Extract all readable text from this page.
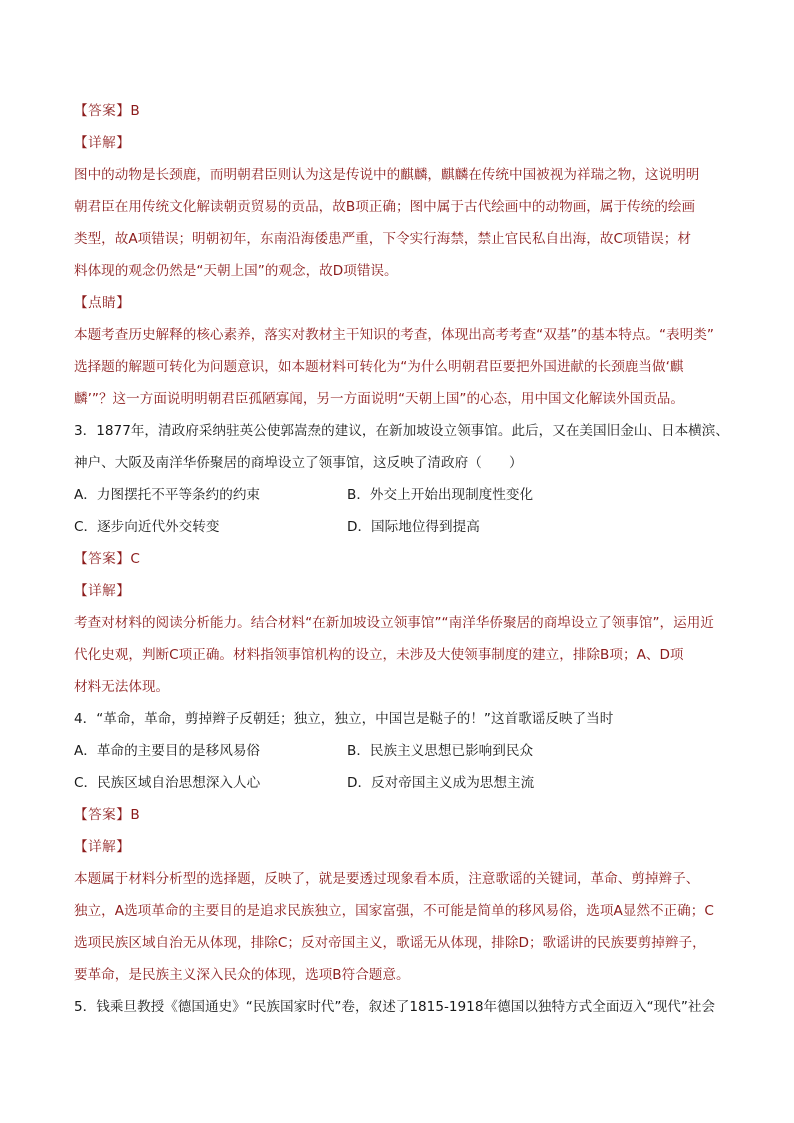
【答案】B
【详解】
图中的动物是长颈鹿，而明朝君臣则认为这是传说中的麒麟，麒麟在传统中国被视为祥瑞之物，这说明明
朝君臣在用传统文化解读朝贡贸易的贡品，故B项正确；图中属于古代绘画中的动物画，属于传统的绘画
类型，故A项错误；明朝初年，东南沿海倭患严重，下令实行海禁，禁止官民私自出海，故C项错误；材
料体现的观念仍然是“天朝上国”的观念，故D项错误。
【点睛】
本题考查历史解释的核心素养，落实对教材主干知识的考查，体现出高考考查“双基”的基本特点。“表明类”
选择题的解题可转化为问题意识，如本题材料可转化为“为什么明朝君臣要把外国进献的长颈鹿当做‘麒
麟’”？这一方面说明明朝君臣孤陋寡闻，另一方面说明“天朝上国”的心态，用中国文化解读外国贡品。
3．1877年，清政府采纳驻英公使郭嵩焘的建议，在新加坡设立领事馆。此后，又在美国旧金山、日本横滨、
神户、大阪及南洋华侨聚居的商埠设立了领事馆，这反映了清政府（　　）
A．力图摆托不平等条约的约束	B．外交上开始出现制度性变化
C．逐步向近代外交转变	D．国际地位得到提高
【答案】C
【详解】
考查对材料的阅读分析能力。结合材料“在新加坡设立领事馆”“南洋华侨聚居的商埠设立了领事馆”，运用近
代化史观，判断C项正确。材料指领事馆机构的设立，未涉及大使领事制度的建立，排除B项；A、D项
材料无法体现。
4．“革命，革命，剪掉辫子反朝廷；独立，独立，中国岂是鞑子的！”这首歌谣反映了当时
A．革命的主要目的是移风易俗	B．民族主义思想已影响到民众
C．民族区域自治思想深入人心	D．反对帝国主义成为思想主流
【答案】B
【详解】
本题属于材料分析型的选择题，反映了，就是要透过现象看本质，注意歌谣的关键词，革命、剪掉辫子、
独立，A选项革命的主要目的是追求民族独立，国家富强，不可能是简单的移风易俗，选项A显然不正确；C
选项民族区域自治无从体现，排除C；反对帝国主义，歌谣无从体现，排除D；歌谣讲的民族要剪掉辫子，
要革命，是民族主义深入民众的体现，选项B符合题意。
5．钱乘旦教授《德国通史》“民族国家时代”卷，叙述了1815-1918年德国以独特方式全面迈入“现代”社会
